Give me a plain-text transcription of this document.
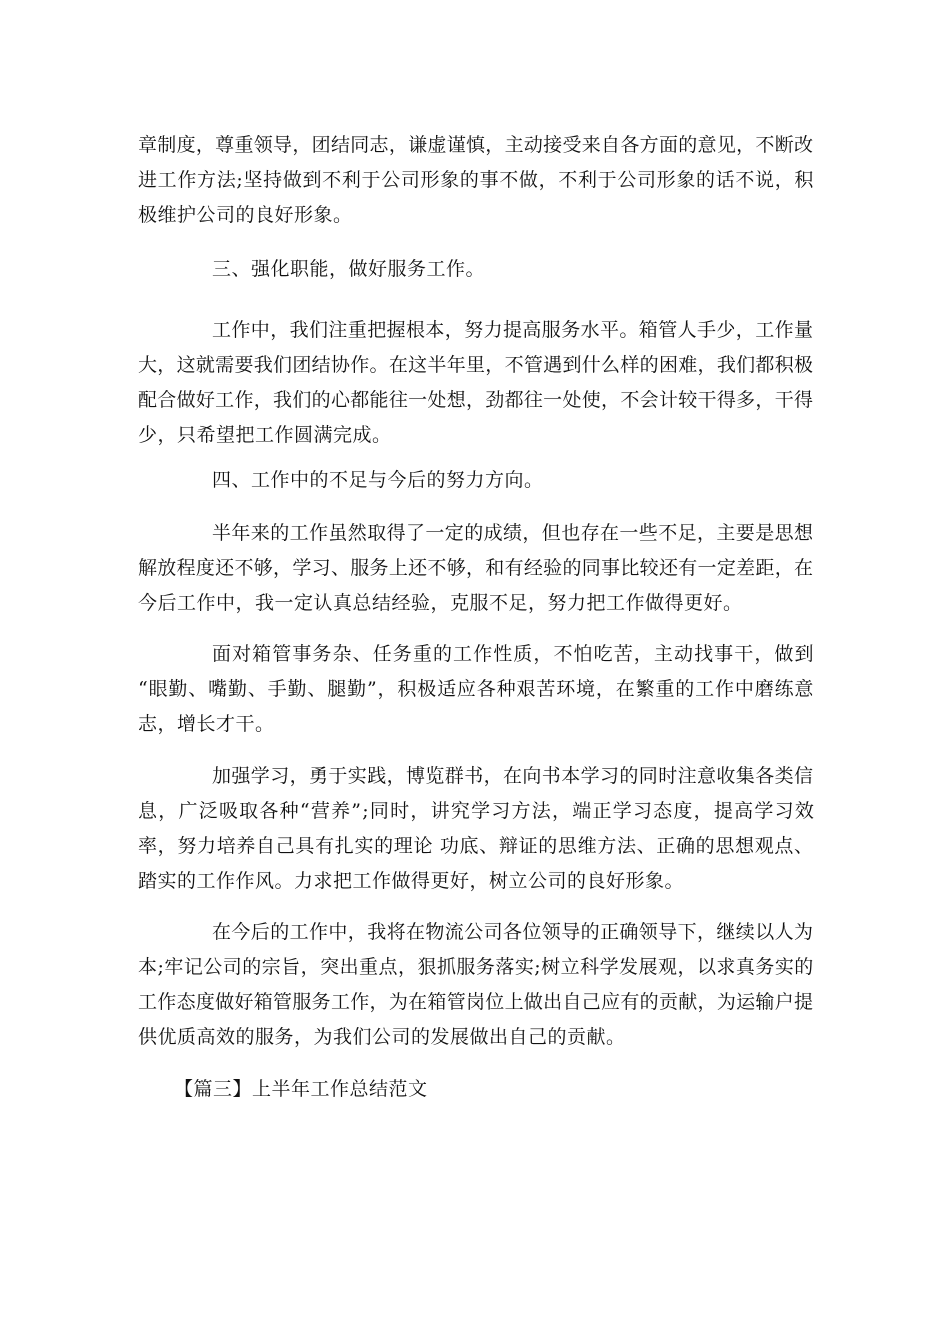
章制度，尊重领导，团结同志，谦虚谨慎，主动接受来自各方面的意见，不断改
进工作方法;坚持做到不利于公司形象的事不做，不利于公司形象的话不说，积
极维护公司的良好形象。
三、强化职能，做好服务工作。
工作中，我们注重把握根本，努力提高服务水平。箱管人手少，工作量
大，这就需要我们团结协作。在这半年里，不管遇到什么样的困难，我们都积极
配合做好工作，我们的心都能往一处想，劲都往一处使，不会计较干得多，干得
少，只希望把工作圆满完成。
四、工作中的不足与今后的努力方向。
半年来的工作虽然取得了一定的成绩，但也存在一些不足，主要是思想
解放程度还不够，学习、服务上还不够，和有经验的同事比较还有一定差距，在
今后工作中，我一定认真总结经验，克服不足，努力把工作做得更好。
面对箱管事务杂、任务重的工作性质，不怕吃苦，主动找事干，做到
“眼勤、嘴勤、手勤、腿勤”，积极适应各种艰苦环境，在繁重的工作中磨练意
志，增长才干。
加强学习，勇于实践，博览群书，在向书本学习的同时注意收集各类信
息，广泛吸取各种“营养”;同时，讲究学习方法，端正学习态度，提高学习效
率，努力培养自己具有扎实的理论 功底、辩证的思维方法、正确的思想观点、
踏实的工作作风。力求把工作做得更好，树立公司的良好形象。
在今后的工作中，我将在物流公司各位领导的正确领导下，继续以人为
本;牢记公司的宗旨，突出重点，狠抓服务落实;树立科学发展观，以求真务实的
工作态度做好箱管服务工作，为在箱管岗位上做出自己应有的贡献，为运输户提
供优质高效的服务，为我们公司的发展做出自己的贡献。
【篇三】上半年工作总结范文
